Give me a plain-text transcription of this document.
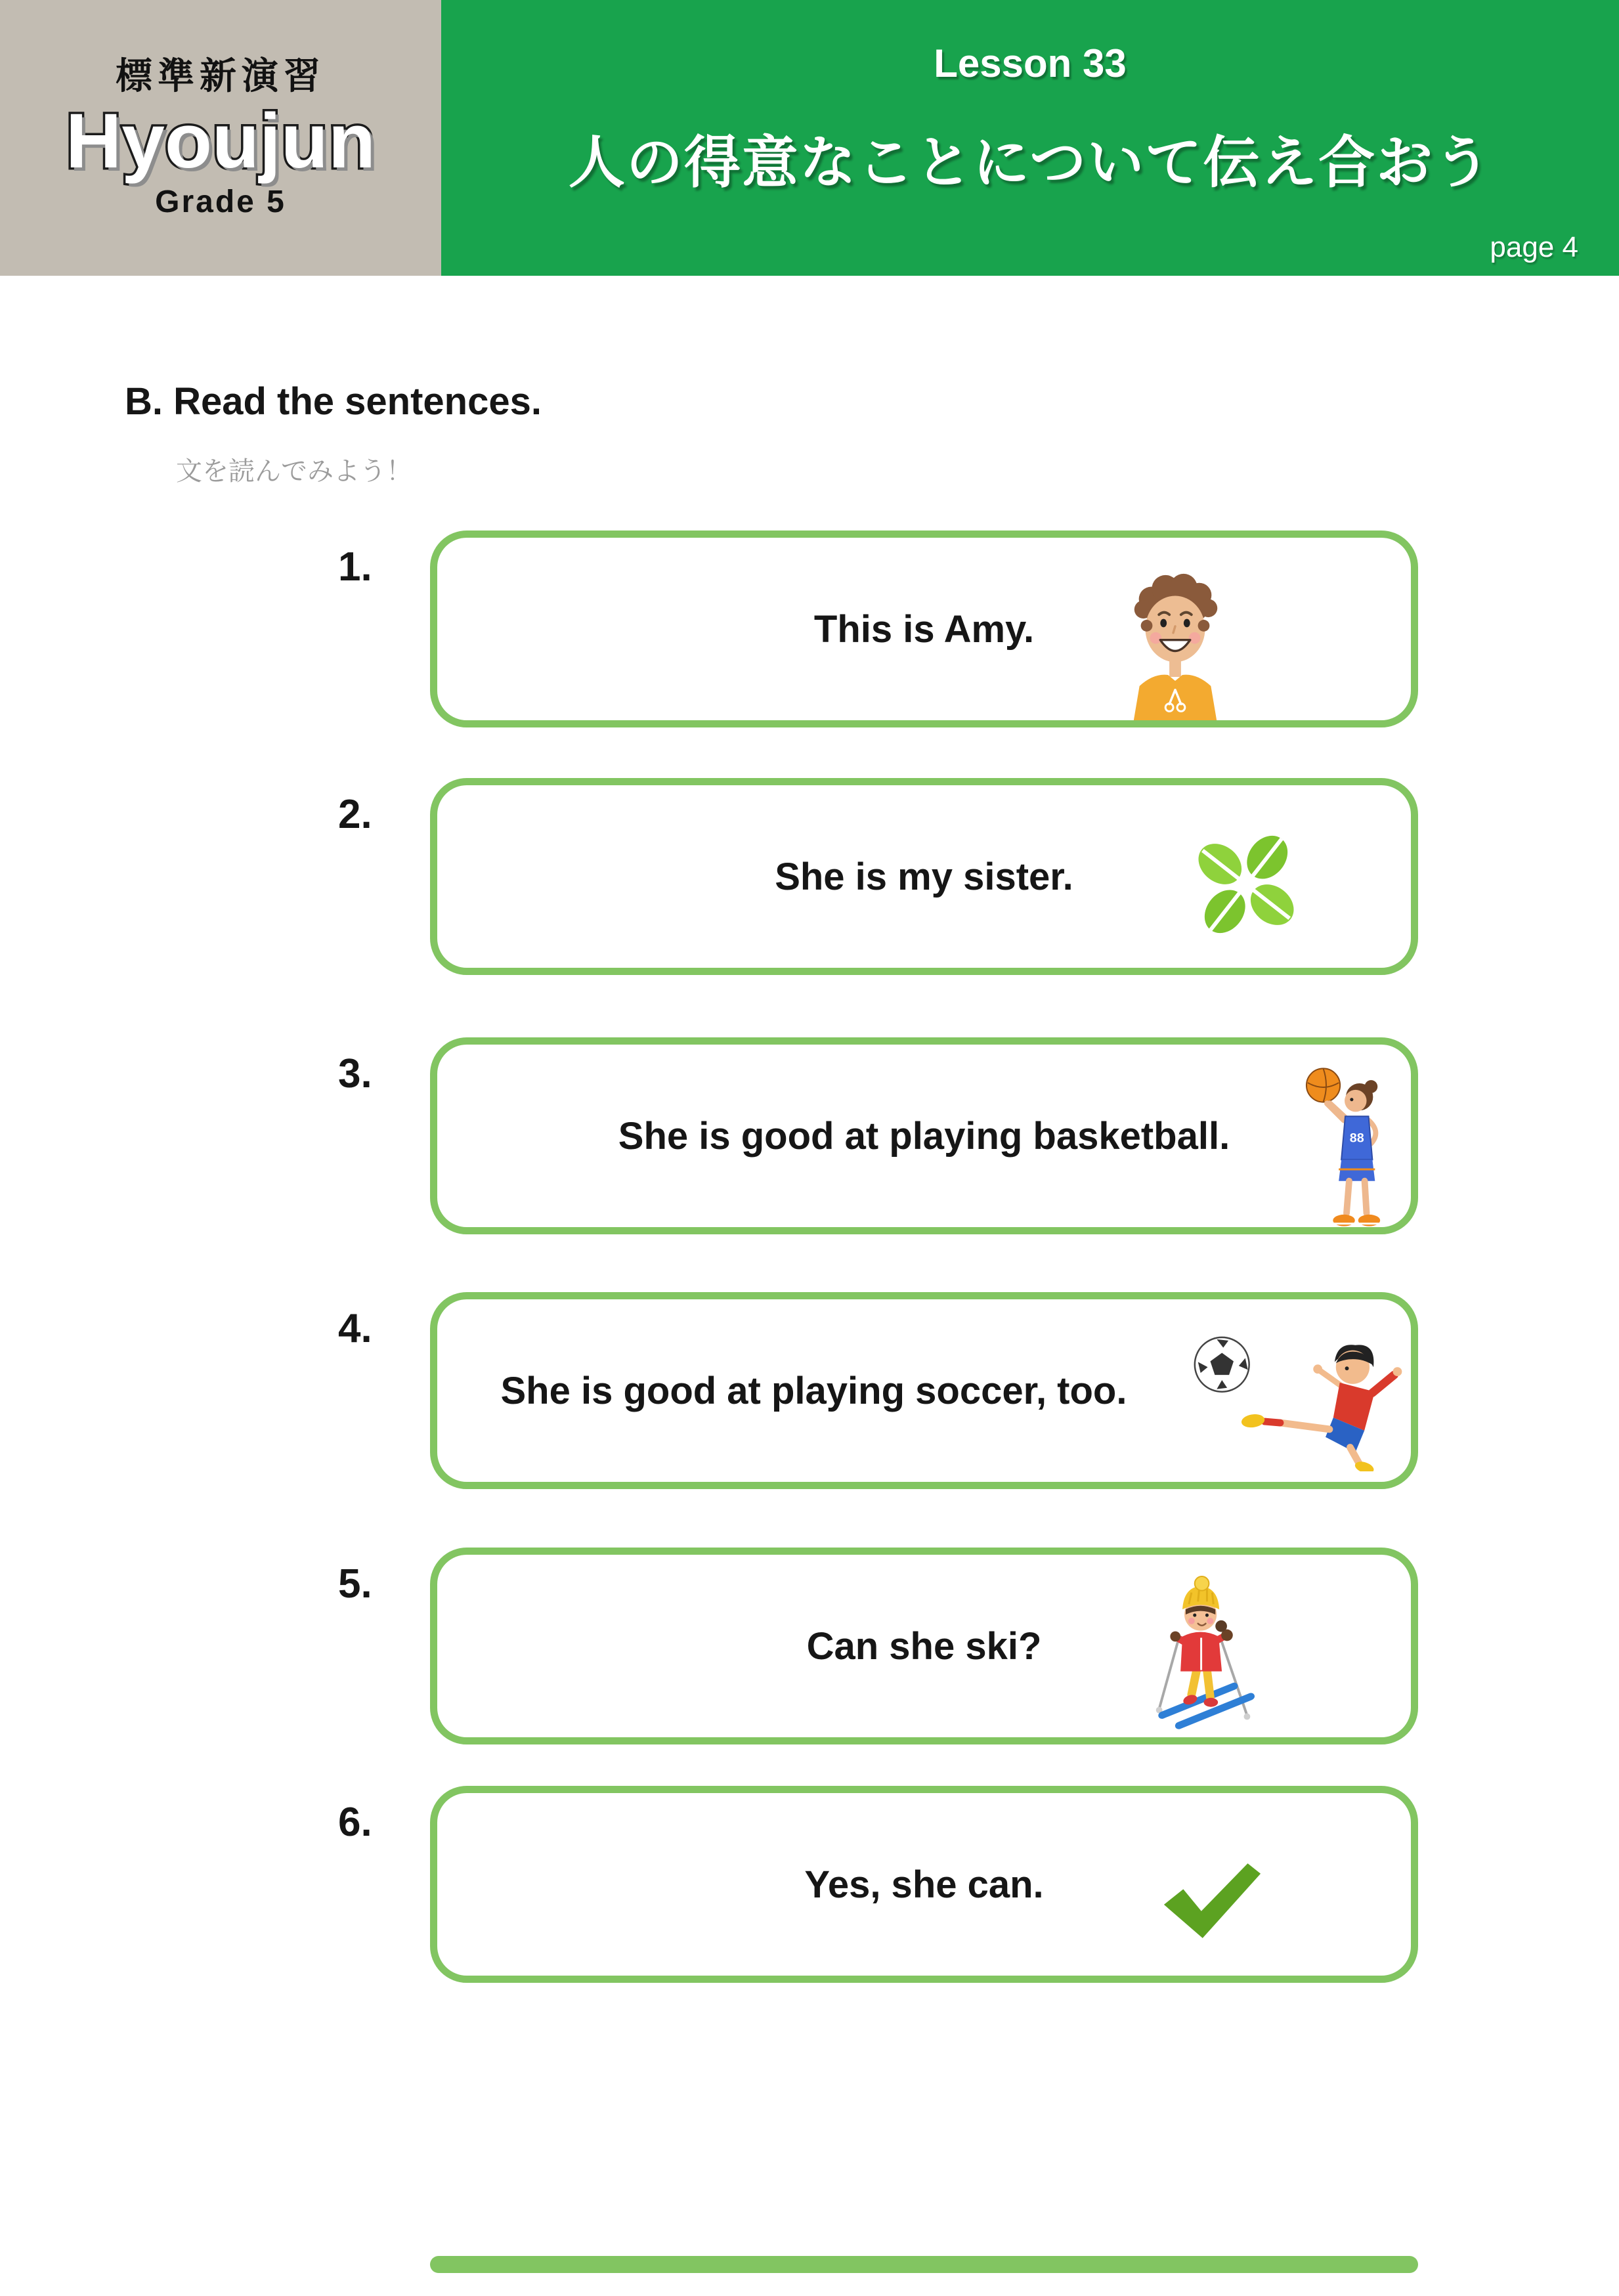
Lesson 33
人の得意なことについて伝え合おう
page 4
標準新演習
Hyoujun
Grade 5
B. Read the sentences.
文を読んでみよう！
1.
This is Amy.
2.
She is my sister.
3.
She is good at playing basketball.	88
4.
She is good at playing soccer, too.
5.
Can she ski?
6.
Yes, she can.
